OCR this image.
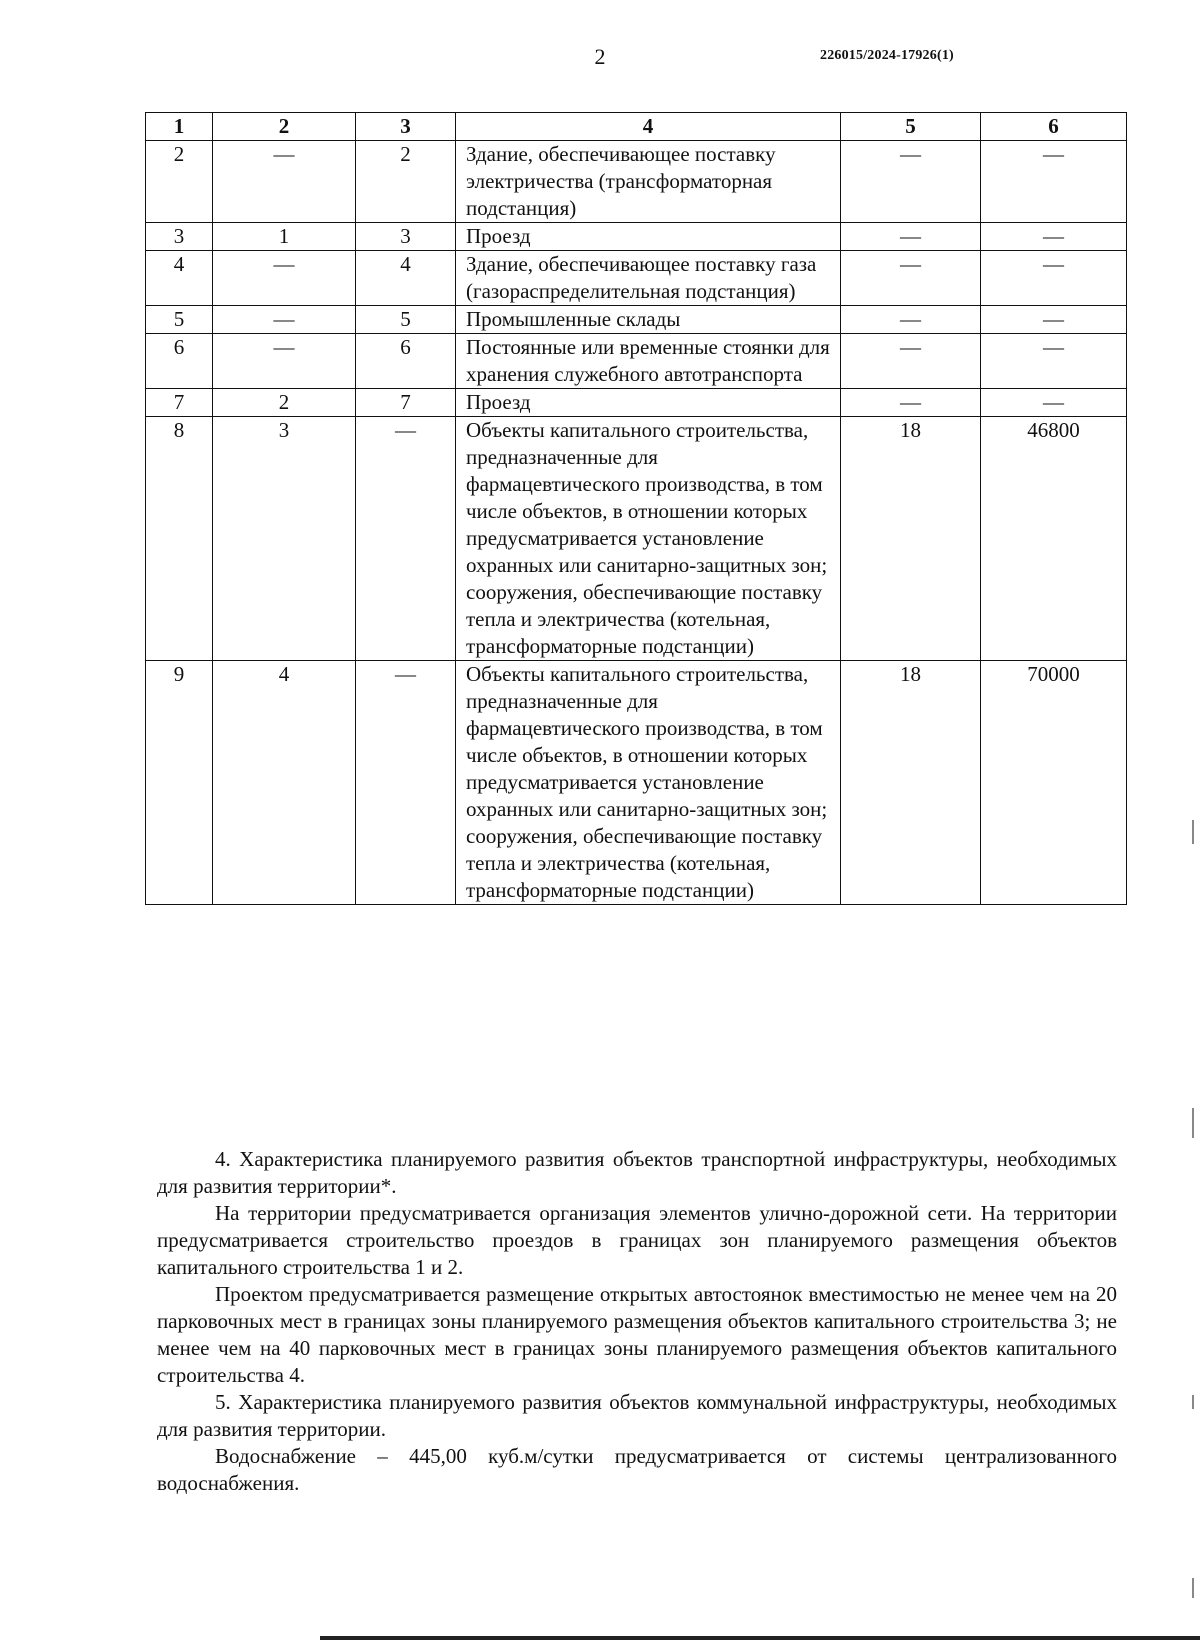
2	226015/2024-17926(1)
1	2	3	4	5	6
2	—	2	Здание, обеспечивающее поставку электричества (трансформаторная подстанция)	—	—
3	1	3	Проезд	—	—
4	—	4	Здание, обеспечивающее поставку газа (газораспределительная подстанция)	—	—
5	—	5	Промышленные склады	—	—
6	—	6	Постоянные или временные стоянки для хранения служебного автотранспорта	—	—
7	2	7	Проезд	—	—
8	3	—	Объекты капитального строительства, предназначенные для фармацевтического производства, в том числе объектов, в отношении которых предусматривается установление охранных или санитарно-защитных зон; сооружения, обеспечивающие поставку тепла и электричества (котельная, трансформаторные подстанции)	18	46800
9	4	—	Объекты капитального строительства, предназначенные для фармацевтического производства, в том числе объектов, в отношении которых предусматривается установление охранных или санитарно-защитных зон; сооружения, обеспечивающие поставку тепла и электричества (котельная, трансформаторные подстанции)	18	70000

4. Характеристика планируемого развития объектов транспортной инфраструктуры, необходимых для развития территории*.

На территории предусматривается организация элементов улично-дорожной сети. На территории предусматривается строительство проездов в границах зон планируемого размещения объектов капитального строительства 1 и 2.

Проектом предусматривается размещение открытых автостоянок вместимостью не менее чем на 20 парковочных мест в границах зоны планируемого размещения объектов капитального строительства 3; не менее чем на 40 парковочных мест в границах зоны планируемого размещения объектов капитального строительства 4.

5. Характеристика планируемого развития объектов коммунальной инфраструктуры, необходимых для развития территории.

Водоснабжение – 445,00 куб.м/сутки предусматривается от системы централизованного водоснабжения.
